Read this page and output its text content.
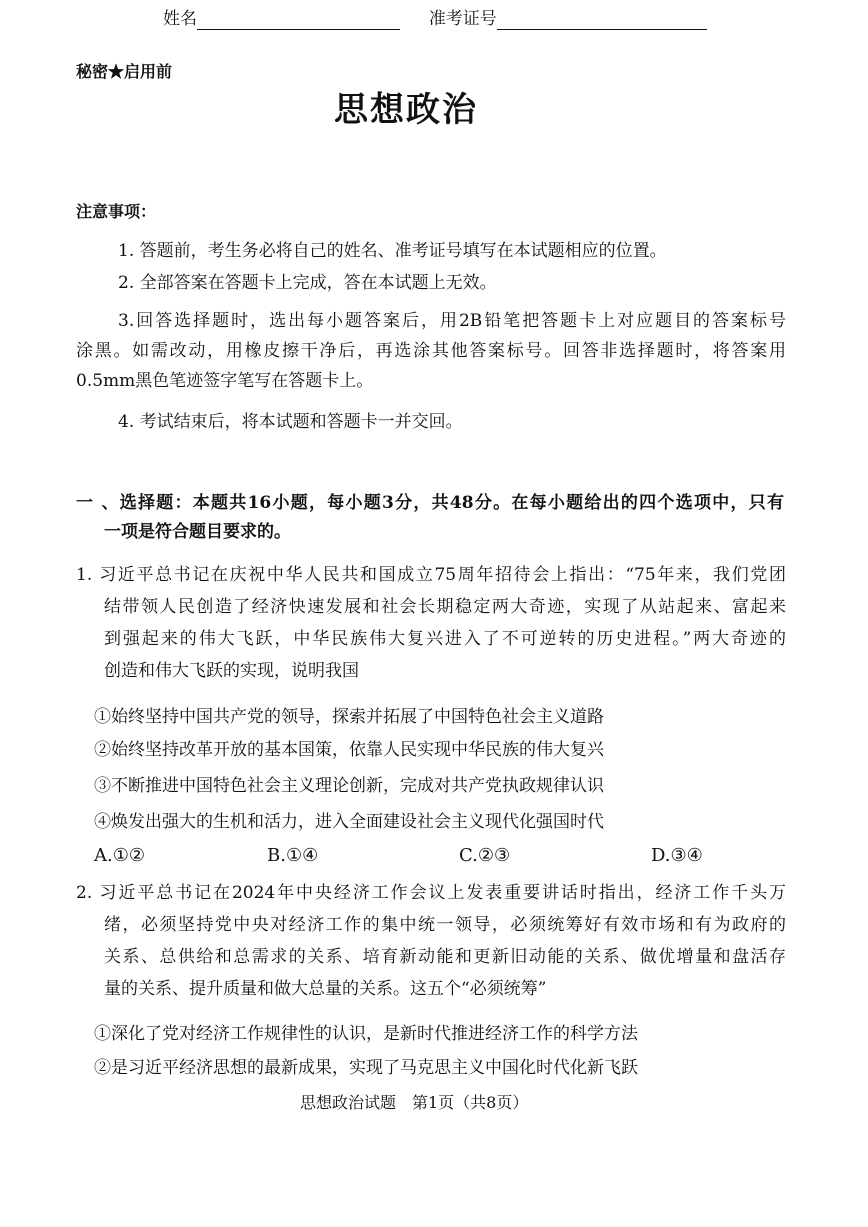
姓名	准考证号
秘密★启用前
思想政治
注意事项：
1. 答题前，考生务必将自己的姓名、准考证号填写在本试题相应的位置。
2. 全部答案在答题卡上完成，答在本试题上无效。
3.回答选择题时，选出每小题答案后，用2B铅笔把答题卡上对应题目的答案标号
涂黑。如需改动，用橡皮擦干净后，再选涂其他答案标号。回答非选择题时，将答案用
0.5mm黑色笔迹签字笔写在答题卡上。
4. 考试结束后，将本试题和答题卡一并交回。
一 、选择题：本题共16小题，每小题3分，共48分。在每小题给出的四个选项中，只有
一项是符合题目要求的。
1. 习近平总书记在庆祝中华人民共和国成立75周年招待会上指出：“75年来，我们党团
结带领人民创造了经济快速发展和社会长期稳定两大奇迹，实现了从站起来、富起来
到强起来的伟大飞跃，中华民族伟大复兴进入了不可逆转的历史进程。”两大奇迹的
创造和伟大飞跃的实现，说明我国
①始终坚持中国共产党的领导，探索并拓展了中国特色社会主义道路
②始终坚持改革开放的基本国策，依靠人民实现中华民族的伟大复兴
③不断推进中国特色社会主义理论创新，完成对共产党执政规律认识
④焕发出强大的生机和活力，进入全面建设社会主义现代化强国时代
A.①②	B.①④	C.②③	D.③④
2. 习近平总书记在2024年中央经济工作会议上发表重要讲话时指出，经济工作千头万
绪，必须坚持党中央对经济工作的集中统一领导，必须统筹好有效市场和有为政府的
关系、总供给和总需求的关系、培育新动能和更新旧动能的关系、做优增量和盘活存
量的关系、提升质量和做大总量的关系。这五个“必须统筹”
①深化了党对经济工作规律性的认识，是新时代推进经济工作的科学方法
②是习近平经济思想的最新成果，实现了马克思主义中国化时代化新飞跃
思想政治试题　第1页（共8页）
